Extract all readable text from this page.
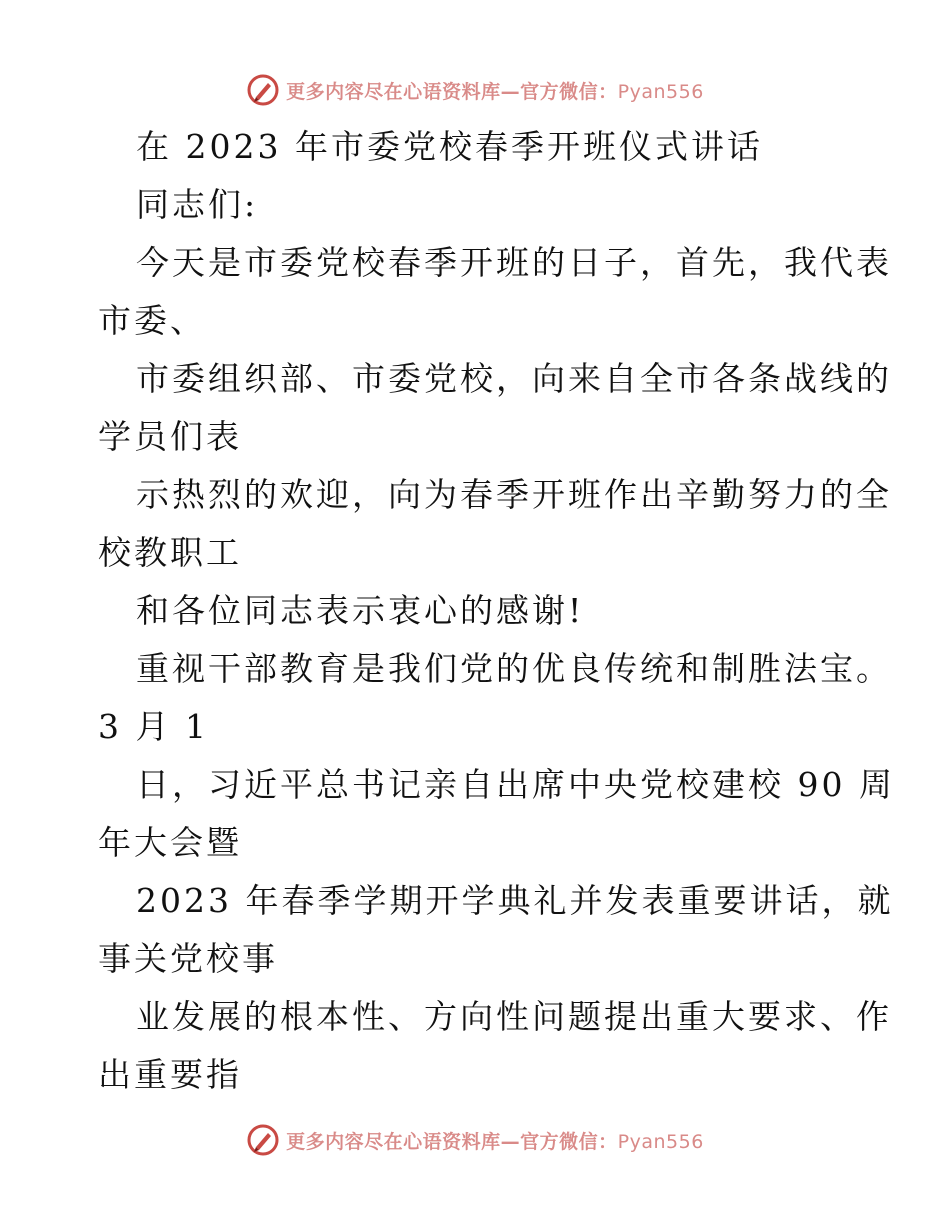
更多内容尽在心语资料库—官方微信：Pyan556
在 2023 年市委党校春季开班仪式讲话
同志们:
今天是市委党校春季开班的日子，首先，我代表
市委、
市委组织部、市委党校，向来自全市各条战线的
学员们表
示热烈的欢迎，向为春季开班作出辛勤努力的全
校教职工
和各位同志表示衷心的感谢!
重视干部教育是我们党的优良传统和制胜法宝。
3 月 1
日，习近平总书记亲自出席中央党校建校 90 周
年大会暨
2023 年春季学期开学典礼并发表重要讲话，就
事关党校事
业发展的根本性、方向性问题提出重大要求、作
出重要指
更多内容尽在心语资料库—官方微信：Pyan556
